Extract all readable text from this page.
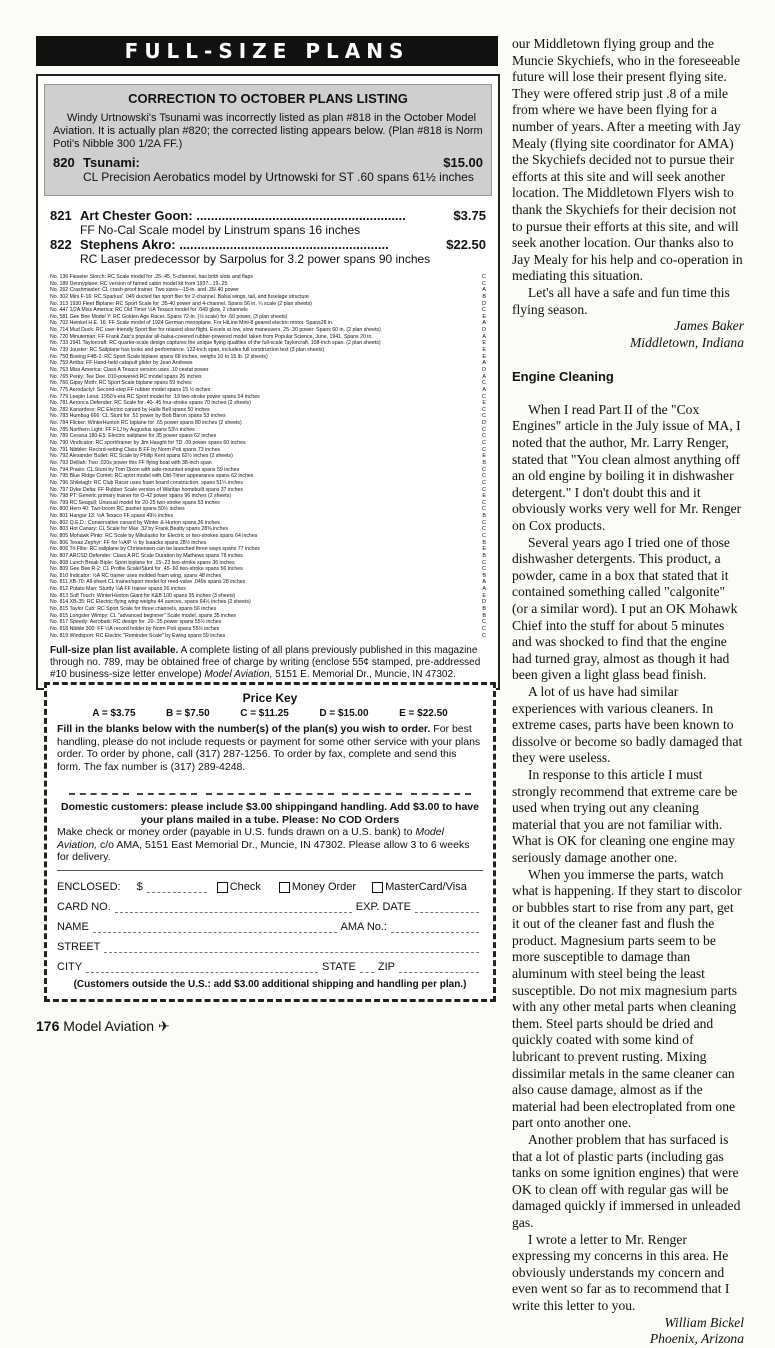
FULL-SIZE PLANS
CORRECTION TO OCTOBER PLANS LISTING
Windy Urtnowski's Tsunami was incorrectly listed as plan #818 in the October Model Aviation. It is actually plan #820; the corrected listing appears below. (Plan #818 is Norm Poti's Nibble 300 1/2A FF.)
820 Tsunami:	$15.00
CL Precision Aerobatics model by Urtnowski for ST .60 spans 61½ inches
821 Art Chester Goon: ..........................................................	$3.75
FF No-Cal Scale model by Linstrum spans 16 inches
822 Stephens Akro: ..........................................................	$22.50
RC Laser predecessor by Sarpolus for 3.2 power spans 90 inches
No. 136 Fieseler Storch: RC Scale model for .25-.45, 5-channel, has both slots and flaps	C
No. 189 Dennyplane: RC version of famed cabin model kit from 1937...19-.25	C
No. 262 Crashmaster: CL crash-proof trainer. Two sizes—15-in. and .35/.40 power	A
No. 302 Mini F-16: RC Sparkus'. 049 ducted fan sport flier for 2-channel. Balsa wings, tail, and fuselage structure	B
No. 313 1930 Fleet Biplane: RC Sport Scale for .35-40 power and 4-channel. Spans 56 in. ¼ scale (2 plan sheets)	D
No. 447 1/2A Miss America: RC Old Timer ½A Texaco model for .049 glow, 2 channels	C
No. 581 Gee Bee Model Y: RC Golden Age Racer. Spans 72-in. (⅛ scale) for .60 power, (3 plan sheets)	E
No. 702 Heinkel H.E. 16: FF Scale model of 1924 German monoplane. For HiLine Mini-8 geared electric motor. Spans28 in.	A
No. 714 Mud Duck: RC user-friendly Sport flier for relaxed slow flight. Excels at low, slow maneuvers. 25-.30 power. Spans 60 in. (2 plan sheets)	D
No. 720 Minuteman: FF Frank Zaic's popular all-balsa-covered rubber-powered model taken from Popular Science, June, 1941. Spans 20 in.	A
No. 733 1941 Taylorcraft: RC quarter-scale design captures the unique flying qualities of the full-scale Taylorcraft. 108-inch span. (2 plan sheets)	E
No. 739 Jouster: RC Sailplane has looks and performance. 122-inch span, includes full construction text (3 plan sheets)	E
No. 750 Boeing F4B-2: RC Sport Scale biplane spans 68 inches, weighs 10 to 15 lb. (2 sheets)	E
No. 759 Arriba: FF Hand-held catapult glider by Jean Andrews	A
No. 763 Miss America: Class A Texaco version uses .10 cestat power	D
No. 765 Perky: Tee Dee .010-powered RC model spans 26 inches	A
No. 766 Gipsy Moth: RC Sport Scale biplane spans 59 inches	C
No. 775 Aerodactyl: Second-step FF rubber model spans 15 ½ inches	A
No. 779 Leepin Lena: 1950's-era RC Sport model for .19 two-stroke power spans 54 inches	C
No. 781 Aeronca Defender: RC Scale for .40-.45 four-stroke spans 70 inches (2 sheets)	E
No. 782 Kanardesx: RC Electric canard by Halle Bell spans 50 inches	C
No. 783 Humbug 666: CL Stunt for .51 power by Bob Baron spans 53 inches	C
No. 784 Flicker: WinterHunton RC biplane for .65 power spans 80 inches (2 sheets)	D
No. 785 Northern Light: FF F1J by Augustus spans 53½ inches	C
No. 789 Cessna 180-E5: Electric sailplane for 35 power spans 62 inches	C
No. 790 Vindicator: RC sport/trainer by Jim Haught for TD .09 power spans 60 inches	C
No. 791 Nibbler: Record-setting Class B FF by Norm Poti spans 73 inches	C
No. 792 Alexander Bullet: RC Scale by Philip Kent spans 62½ inches (2 sheets)	E
No. 793 Delilah: Two .020s power this FF flying boat with 38-inch span	B
No. 794 Praxis: CL Stunt by Tom Dixon with side-mounted engine spans 59 inches	C
No. 795 Blue Ridge Comet: RC sport model with Old-Timer appearance spans 62 inches	C
No. 796 Shilelagh: RC Club Racer uses foam board construction. spans 51¼ inches	C
No. 797 Dyke Delta: FF Rubber Scale version of Wanfan homebuilt spans 37 inches	C
No. 798 PT: Generic primary trainer for O-42 power spans 96 inches (2 sheets)	E
No. 799 RC Seagull: Unusual model for 20-25 two-stroke spans 53 inches	C
No. 800 Hero 40: Two-boom RC pusher spans 50½ inches	C
No. 801 Hangar 13: ½A Texaco FF spans 49½ inches	B
No. 802 Q.E.D.: Conservative canard by Winter & Hurton spans 36 inches	C
No. 803 Hot Canary: CL Scale for Max .32 by Frank Beatty spans 28⅜ inches	C
No. 805 Mohawk Pinto: RC Scale by Mikulasko for Electric or two-strokes spans 64 inches	C
No. 806 Texas Zephyr: FF for ¼A/P ½ by Isaacks spans 28½ inches	B
No. 806 Tri Flite: RC sailplane by Christensen can be launched three ways spans 77 inches	E
No. 807 ARCSD Defender: Class A RC Scale Duration by Mathews spans 78 inches	B
No. 808 Lunch Break Biple: Sport biplane for .15-.23 two-stroke spans 36 inches	C
No. 809 Gee Bee R-2: CL Profile Scale/Stunt for .45-.60 two-stroke spans 56 inches	C
No. 810 Indicator: ½A RC trainer uses molded foam wing, spans 48 inches	B
No. 811 XB-70: All-sheet CL trainer/sport model for reed-valve .049s spans 28 inches	A
No. 812 Potato Man: Sturdy ¼A FF trainer spans 26 inches	A
No. 813 Soft Touch: WinterHunton Giant for K&B 100 spans 95 inches (3 sheets)	E
No. 814 XB-35: RC Electric flying wing weighs 44 ounces, spans 64½ inches (2 sheets)	D
No. 815 Taylor Cub: RC Sport Scale for three channels, spans 56 inches	B
No. 815 Longster Wimpy: CL "advanced beginner" Scale model, spans 35 inches	B
No. 817 Speedy: Aerobatic RC design for .20-.35 power spans 55½ inches	C
No. 818 Nibble 300: FF ½A record holder by Norm Poti spans 55½ inches	C
No. 819 Windsport: RC Electric "Reminder Scale" by Ewing spans 59 inches	C
Full-size plan list available. A complete listing of all plans previously published in this magazine through no. 789, may be obtained free of charge by writing (enclose 55¢ stamped, pre-addressed #10 business-size letter envelope) Model Aviation, 5151 E. Memorial Dr., Muncie, IN 47302.
Price Key
A = $3.75	B = $7.50	C = $11.25	D = $15.00	E = $22.50
Fill in the blanks below with the number(s) of the plan(s) you wish to order. For best handling, please do not include requests or payment for some other service with your plans order. To order by phone, call (317) 287-1256. To order by fax, complete and send this form. The fax number is (317) 289-4248.
Domestic customers: please include $3.00 shippingand handling. Add $3.00 to have your plans mailed in a tube. Please: No COD Orders
Make check or money order (payable in U.S. funds drawn on a U.S. bank) to Model Aviation, c/o AMA, 5151 East Memorial Dr., Muncie, IN 47302. Please allow 3 to 6 weeks for delivery.
ENCLOSED: $	Check	Money Order	MasterCard/Visa
CARD NO.	EXP. DATE
NAME	AMA No.:
STREET
CITY	STATE ZIP
(Customers outside the U.S.: add $3.00 additional shipping and handling per plan.)

our Middletown flying group and the Muncie Skychiefs, who in the foreseeable future will lose their present flying site. They were offered strip just .8 of a mile from where we have been flying for a number of years. After a meeting with Jay Mealy (flying site coordinator for AMA) the Skychiefs decided not to pursue their efforts at this site and will seek another location. The Middletown Flyers wish to thank the Skychiefs for their decision not to pursue their efforts at this site, and will seek another location. Our thanks also to Jay Mealy for his help and co-operation in mediating this situation.

Let's all have a safe and fun time this flying season.

James Baker
Middletown, Indiana
Engine Cleaning

When I read Part II of the "Cox Engines" article in the July issue of MA, I noted that the author, Mr. Larry Renger, stated that "You clean almost anything off an old engine by boiling it in dishwasher detergent." I don't doubt this and it obviously works very well for Mr. Renger on Cox products.

Several years ago I tried one of those dishwasher detergents. This product, a powder, came in a box that stated that it contained something called "calgonite" (or a similar word). I put an OK Mohawk Chief into the stuff for about 5 minutes and was shocked to find that the engine had turned gray, almost as though it had been given a light glass bead finish.

A lot of us have had similar experiences with various cleaners. In extreme cases, parts have been known to dissolve or become so badly damaged that they were useless.

In response to this article I must strongly recommend that extreme care be used when trying out any cleaning material that you are not familiar with. What is OK for cleaning one engine may seriously damage another one.

When you immerse the parts, watch what is happening. If they start to discolor or bubbles start to rise from any part, get it out of the cleaner fast and flush the product. Magnesium parts seem to be more susceptible to damage than aluminum with steel being the least susceptible. Do not mix magnesium parts with any other metal parts when cleaning them. Steel parts should be dried and quickly coated with some kind of lubricant to prevent rusting. Mixing dissimilar metals in the same cleaner can also cause damage, almost as if the material had been electroplated from one part onto another one.

Another problem that has surfaced is that a lot of plastic parts (including gas tanks on some ignition engines) that were OK to clean off with regular gas will be damaged quickly if immersed in unleaded gas.

I wrote a letter to Mr. Renger expressing my concerns in this area. He obviously understands my concern and even went so far as to recommend that I write this letter to you.

William Bickel
Phoenix, Arizona
176 Model Aviation ✈
